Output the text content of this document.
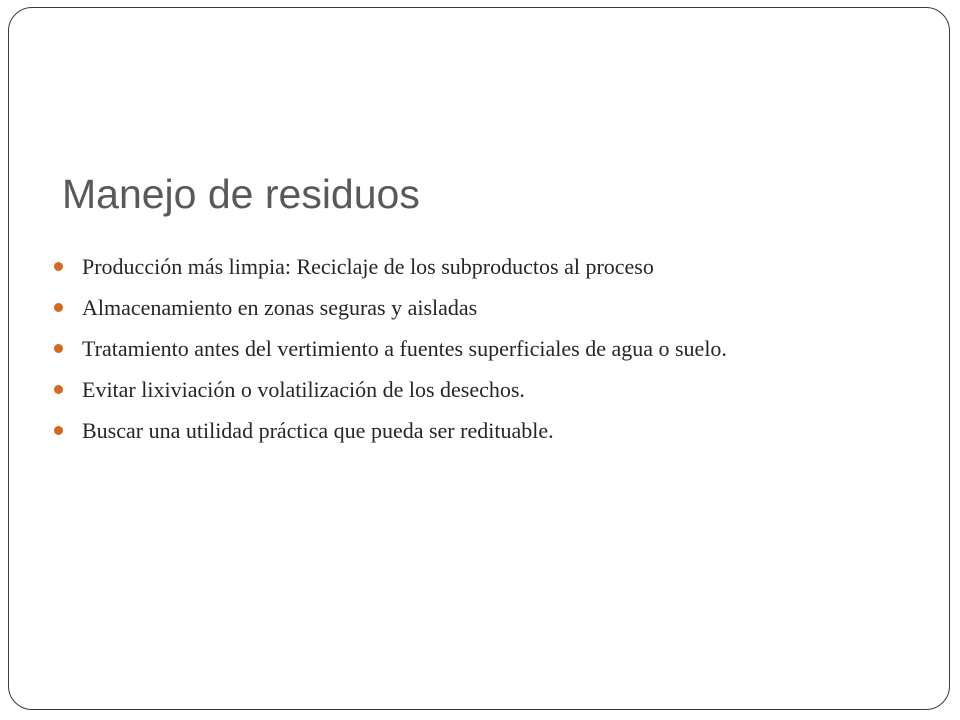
Manejo de residuos
Producción más limpia: Reciclaje de los subproductos al proceso
Almacenamiento en zonas seguras y aisladas
Tratamiento antes del vertimiento a fuentes superficiales de agua o suelo.
Evitar lixiviación o volatilización de los desechos.
Buscar una utilidad práctica que pueda ser redituable.
